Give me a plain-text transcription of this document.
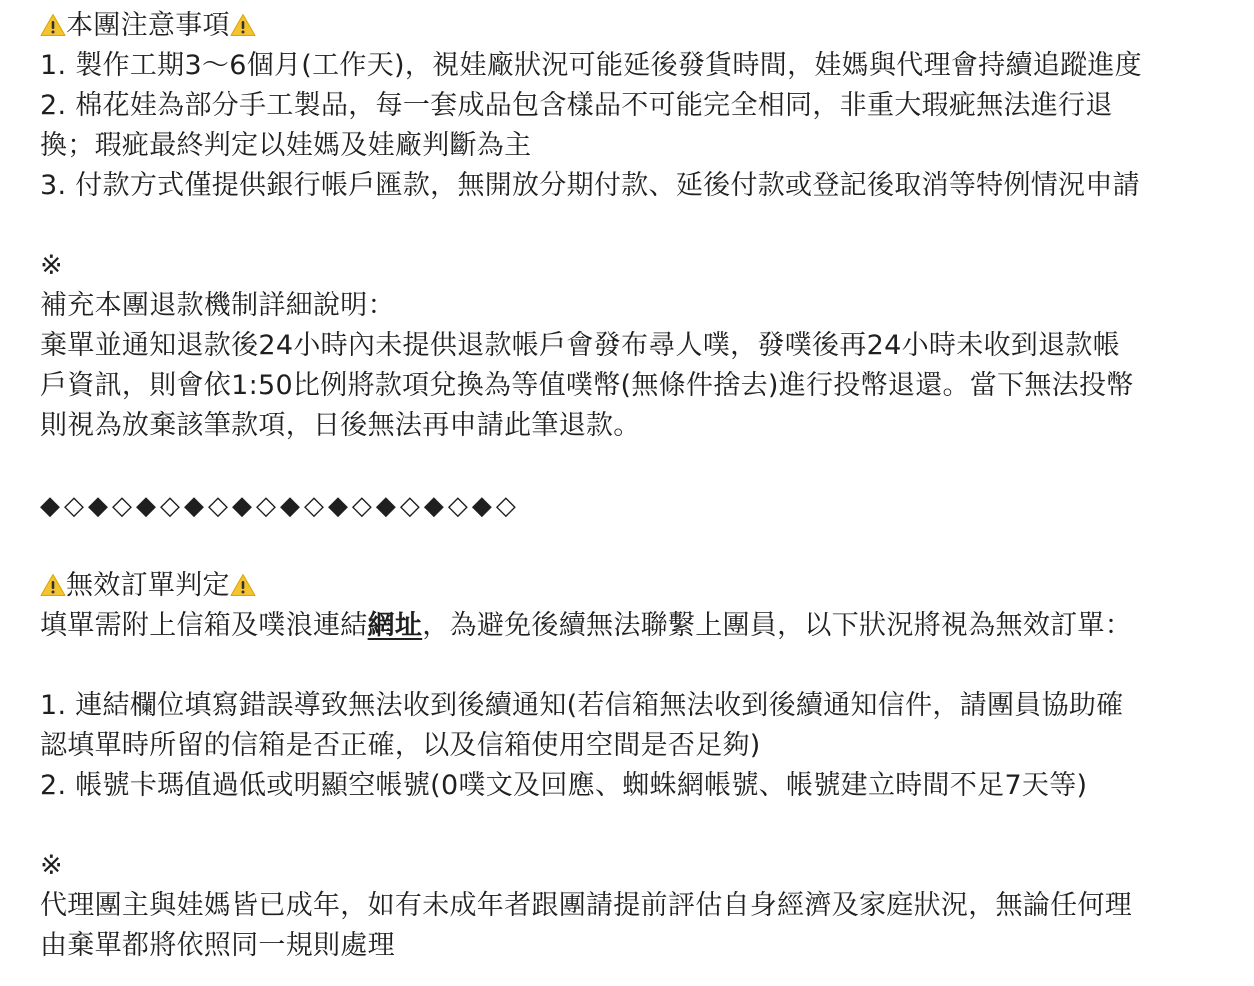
本團注意事項
1. 製作工期3～6個月(工作天)，視娃廠狀況可能延後發貨時間，娃媽與代理會持續追蹤進度
2. 棉花娃為部分手工製品，每一套成品包含樣品不可能完全相同，非重大瑕疵無法進行退
換；瑕疵最終判定以娃媽及娃廠判斷為主
3. 付款方式僅提供銀行帳戶匯款，無開放分期付款、延後付款或登記後取消等特例情況申請
※
補充本團退款機制詳細說明：
棄單並通知退款後24小時內未提供退款帳戶會發布尋人噗，發噗後再24小時未收到退款帳
戶資訊，則會依1:50比例將款項兌換為等值噗幣(無條件捨去)進行投幣退還。當下無法投幣
則視為放棄該筆款項，日後無法再申請此筆退款。
◆◇◆◇◆◇◆◇◆◇◆◇◆◇◆◇◆◇◆◇
無效訂單判定
填單需附上信箱及噗浪連結網址，為避免後續無法聯繫上團員，以下狀況將視為無效訂單：
1. 連結欄位填寫錯誤導致無法收到後續通知(若信箱無法收到後續通知信件，請團員協助確
認填單時所留的信箱是否正確，以及信箱使用空間是否足夠)
2. 帳號卡瑪值過低或明顯空帳號(0噗文及回應、蜘蛛網帳號、帳號建立時間不足7天等)
※
代理團主與娃媽皆已成年，如有未成年者跟團請提前評估自身經濟及家庭狀況，無論任何理
由棄單都將依照同一規則處理
